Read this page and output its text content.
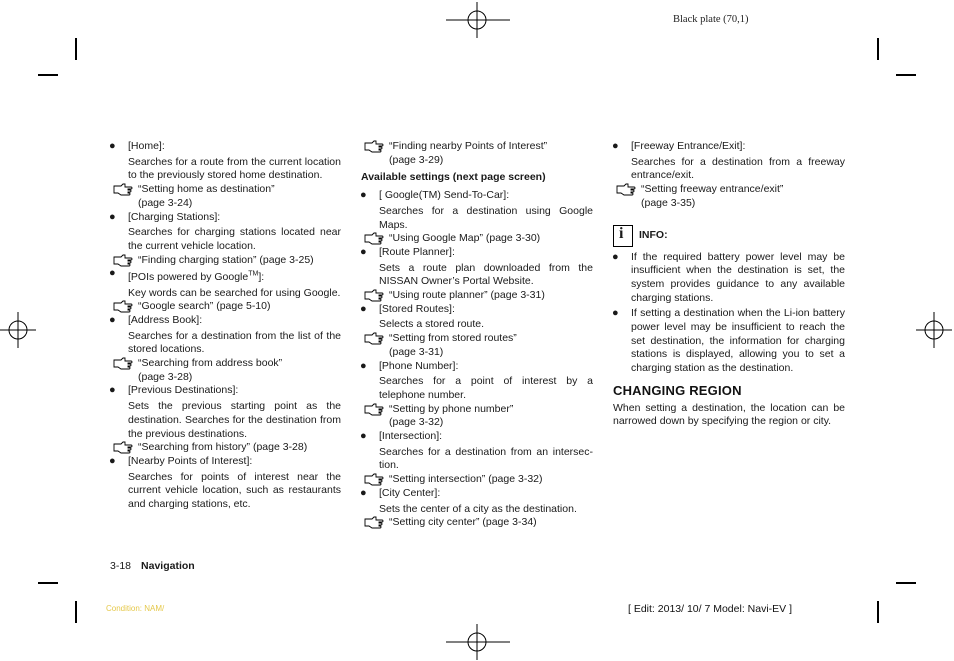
Black plate (70,1)

● [Home]:

Searches for a route from the current location to the previously stored home destination.

“Setting home as destination”
(page 3-24)

● [Charging Stations]:

Searches for charging stations located near the current vehicle location.

“Finding charging station” (page 3-25)

● [POIs powered by Google™]:

Key words can be searched for using Google.

“Google search” (page 5-10)

● [Address Book]:

Searches for a destination from the list of the stored locations.

“Searching from address book”
(page 3-28)

● [Previous Destinations]:

Sets the previous starting point as the destination. Searches for the destination from the previous destinations.

“Searching from history” (page 3-28)

● [Nearby Points of Interest]:

Searches for points of interest near the current vehicle location, such as restaurants and charging stations, etc.

“Finding nearby Points of Interest”
(page 3-29)

Available settings (next page screen)

● [ Google(TM) Send-To-Car]:

Searches for a destination using Google Maps.

“Using Google Map” (page 3-30)

● [Route Planner]:

Sets a route plan downloaded from the NISSAN Owner’s Portal Website.

“Using route planner” (page 3-31)

● [Stored Routes]:

Selects a stored route.

“Setting from stored routes”
(page 3-31)

● [Phone Number]:

Searches for a point of interest by a telephone number.

“Setting by phone number”
(page 3-32)

● [Intersection]:

Searches for a destination from an intersec-tion.

“Setting intersection” (page 3-32)

● [City Center]:

Sets the center of a city as the destination.

“Setting city center” (page 3-34)

● [Freeway Entrance/Exit]:

Searches for a destination from a freeway entrance/exit.

“Setting freeway entrance/exit”
(page 3-35)
i INFO:

● If the required battery power level may be insufficient when the destination is set, the system provides guidance to any available charging stations.

● If setting a destination when the Li-ion battery power level may be insufficient to reach the set destination, the information for charging stations is displayed, allowing you to set a charging station as the destination.

CHANGING REGION

When setting a destination, the location can be narrowed down by specifying the region or city.

3-18 Navigation
Condition: NAM/	[ Edit: 2013/ 10/ 7 Model: Navi-EV ]
